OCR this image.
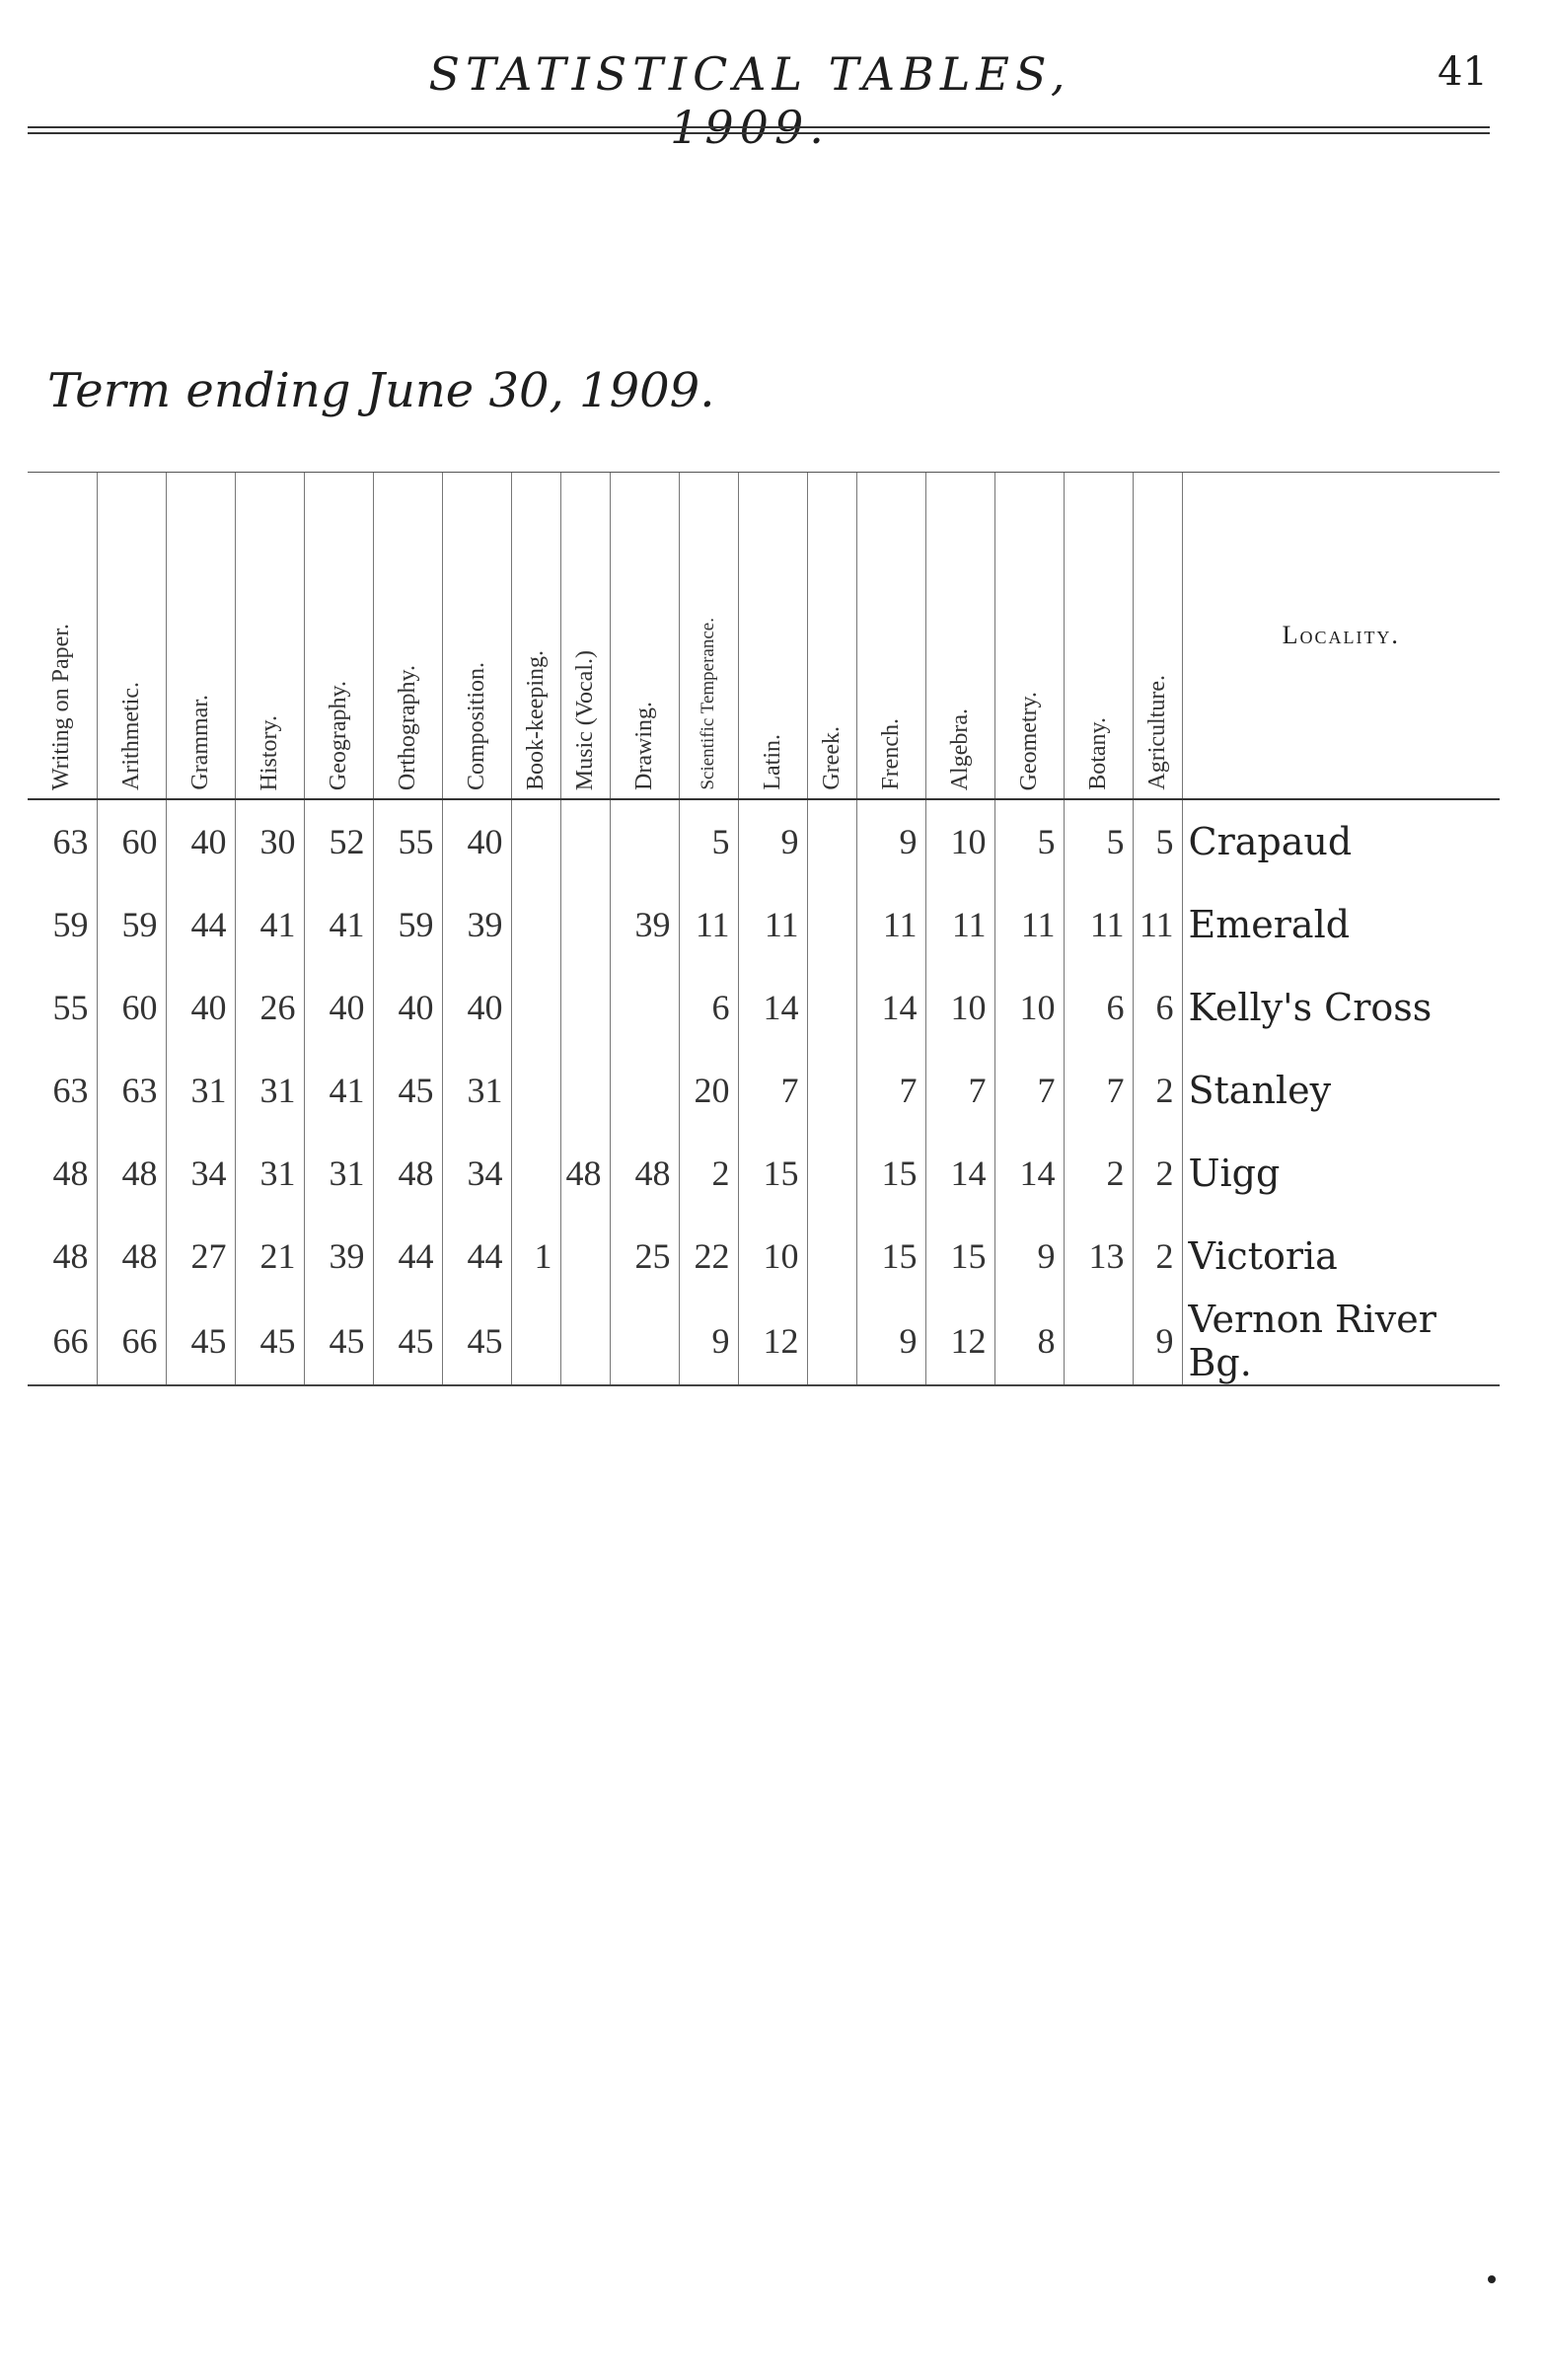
STATISTICAL TABLES, 1909.
41
Term ending June 30, 1909.
Writing on Paper.	Arithmetic.	Grammar.	History.	Geography.	Orthography.	Composition.	Book-keeping.	Music (Vocal.)	Drawing.	Scientific Temperance.	Latin.	Greek.	French.	Algebra.	Geometry.	Botany.	Agriculture.	Locality.
63	60	40	30	52	55	40				5	9		9	10	5	5	5	Crapaud
59	59	44	41	41	59	39			39	11	11		11	11	11	11	11	Emerald
55	60	40	26	40	40	40				6	14		14	10	10	6	6	Kelly's Cross
63	63	31	31	41	45	31				20	7		7	7	7	7	2	Stanley
48	48	34	31	31	48	34		48	48	2	15		15	14	14	2	2	Uigg
48	48	27	21	39	44	44	1		25	22	10		15	15	9	13	2	Victoria
66	66	45	45	45	45	45				9	12		9	12	8		9	Vernon River Bg.
